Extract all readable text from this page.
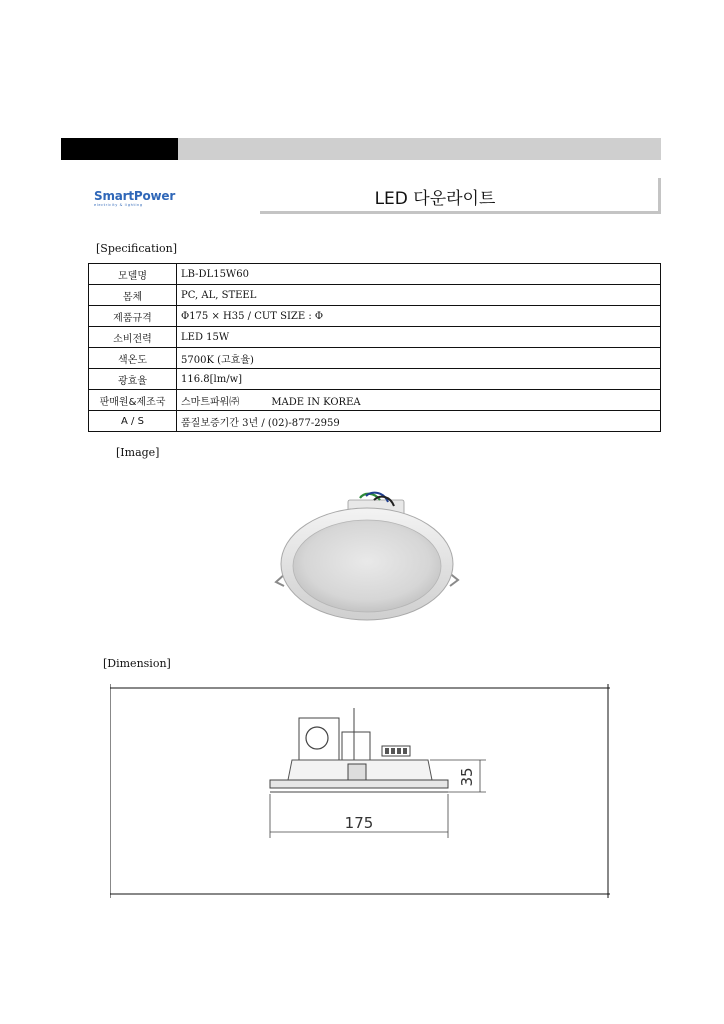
SmartPower
electricity & lighting	LED 다운라이트
[Specification]
모델명	LB-DL15W60
몸체	PC, AL, STEEL
제품규격	Φ175 × H35 / CUT SIZE : Φ
소비전력	LED 15W
색온도	5700K (고효율)
광효율	116.8[lm/w]
판매원&제조국	스마트파워㈜ MADE IN KOREA
A / S	품질보증기간 3년 / (02)-877-2959
[Image]
[Dimension]
175
35
